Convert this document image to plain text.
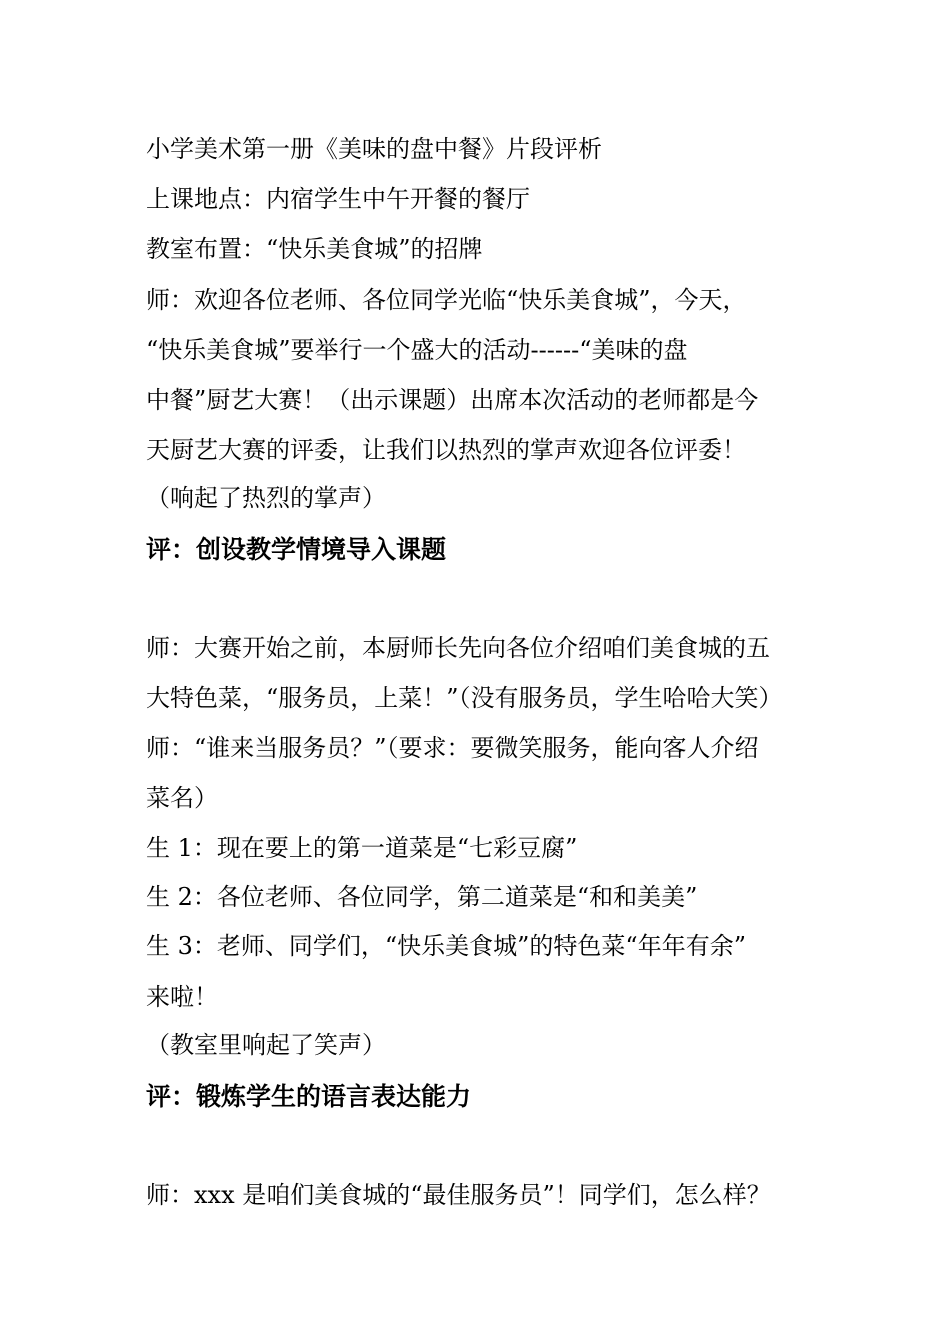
小学美术第一册《美味的盘中餐》片段评析
上课地点：内宿学生中午开餐的餐厅
教室布置：“快乐美食城”的招牌
师：欢迎各位老师、各位同学光临“快乐美食城”，今天，
“快乐美食城”要举行一个盛大的活动------“美味的盘
中餐”厨艺大赛！（出示课题）出席本次活动的老师都是今
天厨艺大赛的评委，让我们以热烈的掌声欢迎各位评委！
（响起了热烈的掌声）
评：创设教学情境导入课题
师：大赛开始之前，本厨师长先向各位介绍咱们美食城的五
大特色菜，“服务员，上菜！”（没有服务员，学生哈哈大笑）
师：“谁来当服务员？”（要求：要微笑服务，能向客人介绍
菜名）
生 1：现在要上的第一道菜是“七彩豆腐”
生 2：各位老师、各位同学，第二道菜是“和和美美”
生 3：老师、同学们，“快乐美食城”的特色菜“年年有余”
来啦！
（教室里响起了笑声）
评：锻炼学生的语言表达能力
师：xxx 是咱们美食城的“最佳服务员”！同学们，怎么样？
